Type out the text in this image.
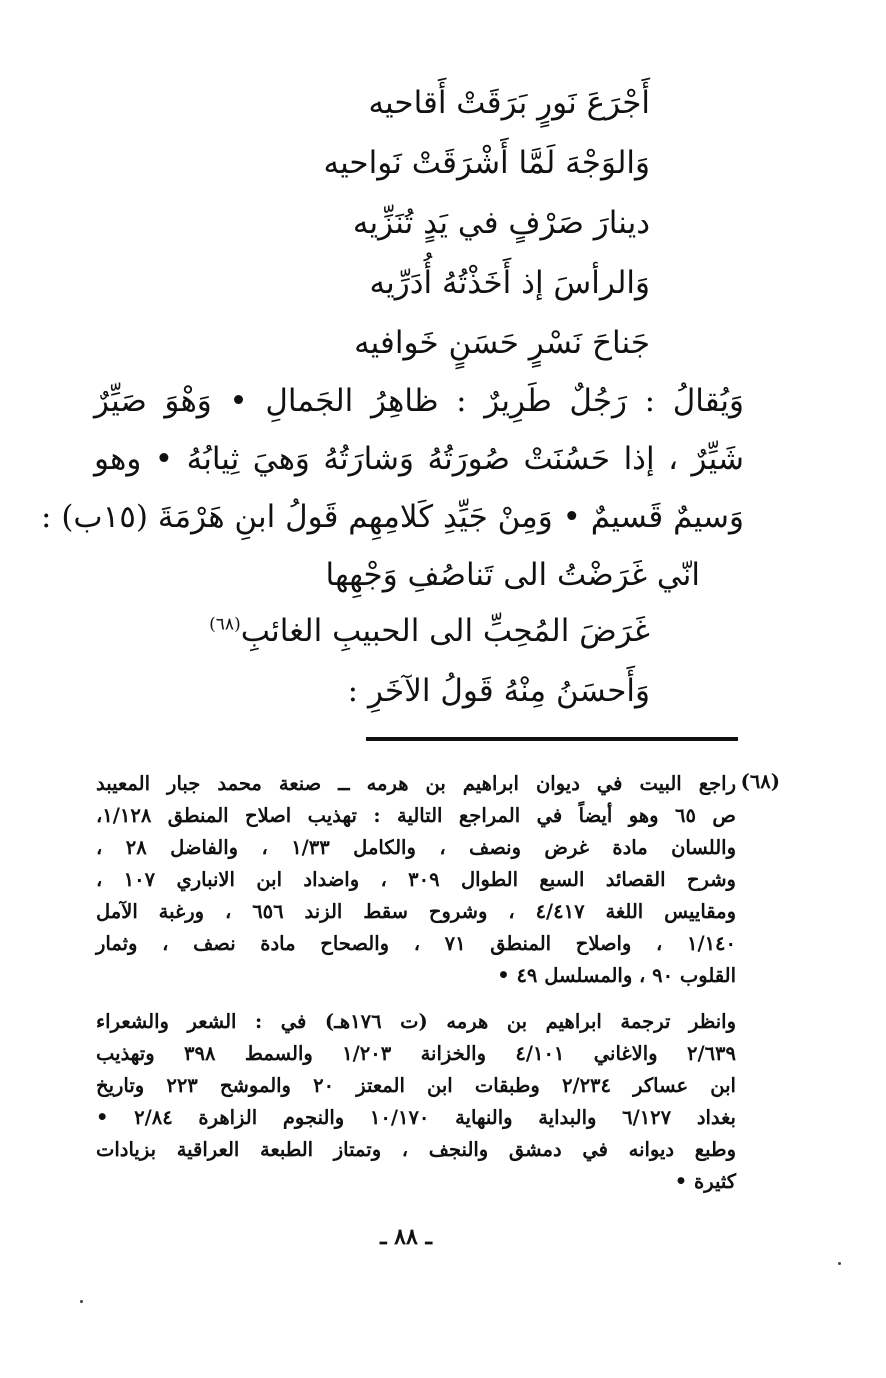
أَجْرَعَ نَورٍ بَرَقَتْ أَقاحيه
وَالوَجْهَ لَمَّا أَشْرَقَتْ نَواحيه
دينارَ صَرْفٍ في يَدٍ تُنَزِّيه
وَالرأسَ إذ أَخَذْتُهُ أُدَرِّيه
جَناحَ نَسْرٍ حَسَنٍ خَوافيه
وَيُقالُ : رَجُلٌ طَرِيرٌ : ظاهِرُ الجَمالِ • وَهْوَ صَيِّرٌ
شَيِّرٌ ، إذا حَسُنَتْ صُورَتُهُ وَشارَتُهُ وَهيَ ثِيابُهُ • وهو
وَسيمٌ قَسيمٌ • وَمِنْ جَيِّدِ كَلامِهِم قَولُ ابنِ هَرْمَةَ (١٥ب) :
انّي غَرَضْتُ الى تَناصُفِ وَجْهِها
غَرَضَ المُحِبِّ الى الحبيبِ الغائبِ$^{(٦٨)}$
وَأَحسَنُ مِنْهُ قَولُ الآخَرِ :
(٦٨)
راجع البيت في ديوان ابراهيم بن هرمه ــ صنعة محمد جبار المعيبد
ص ٦٥ وهو أيضاً في المراجع التالية : تهذيب اصلاح المنطق ١/١٢٨،
واللسان مادة غرض ونصف ، والكامل ١/٣٣ ، والفاضل ٢٨ ،
وشرح القصائد السبع الطوال ٣٠٩ ، واضداد ابن الانباري ١٠٧ ،
ومقاييس اللغة ٤/٤١٧ ، وشروح سقط الزند ٦٥٦ ، ورغبة الآمل
١/١٤٠ ، واصلاح المنطق ٧١ ، والصحاح مادة نصف ، وثمار
القلوب ٩٠ ، والمسلسل ٤٩ •
وانظر ترجمة ابراهيم بن هرمه (ت ١٧٦هـ) في : الشعر والشعراء
٢/٦٣٩ والاغاني ٤/١٠١ والخزانة ١/٢٠٣ والسمط ٣٩٨ وتهذيب
ابن عساكر ٢/٢٣٤ وطبقات ابن المعتز ٢٠ والموشح ٢٢٣ وتاريخ
بغداد ٦/١٢٧ والبداية والنهاية ١٠/١٧٠ والنجوم الزاهرة ٢/٨٤ •
وطبع ديوانه في دمشق والنجف ، وتمتاز الطبعة العراقية بزيادات
كثيرة •
ـ ٨٨ ـ
